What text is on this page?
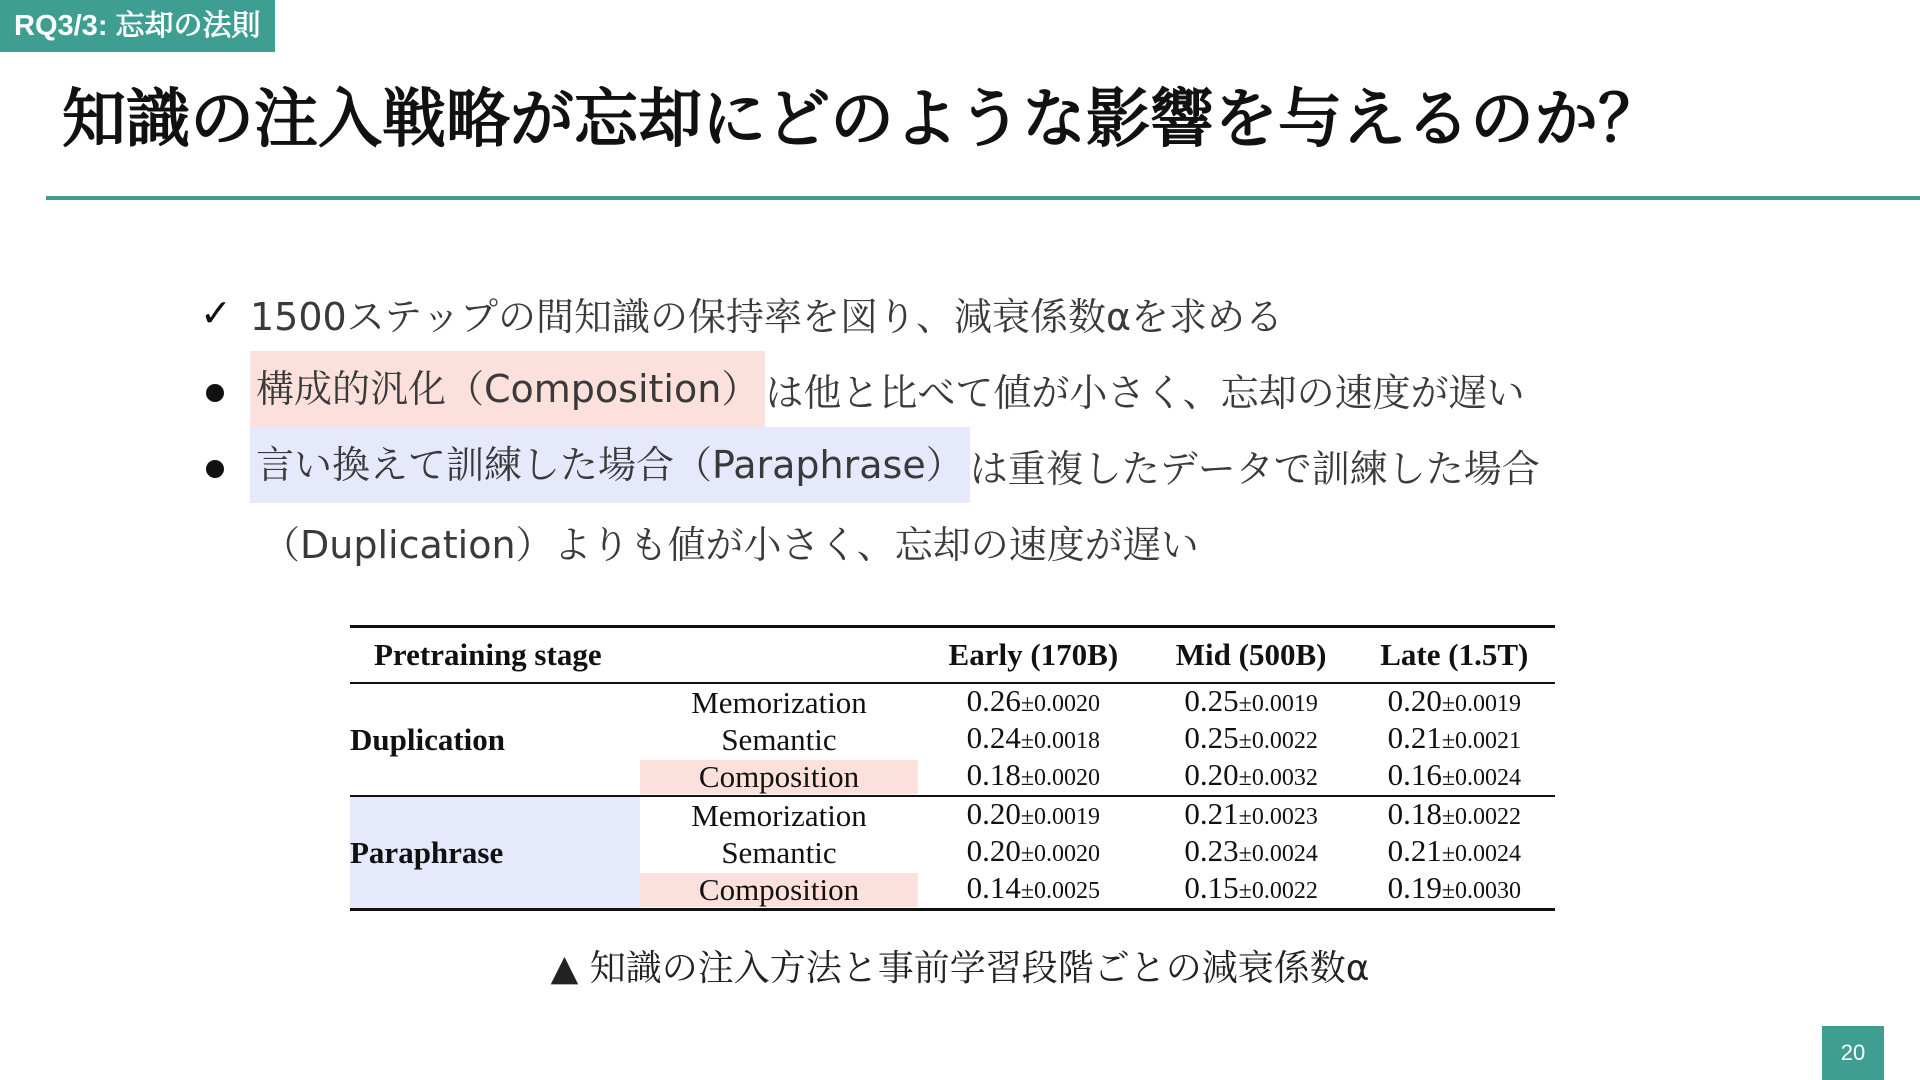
RQ3/3: 忘却の法則
知識の注入戦略が忘却にどのような影響を与えるのか？
✓ 1500ステップの間知識の保持率を図り、減衰係数αを求める
構成的汎化（Composition） は他と比べて値が小さく、忘却の速度が遅い
言い換えて訓練した場合（Paraphrase） は重複したデータで訓練した場合
（Duplication）よりも値が小さく、忘却の速度が遅い
Pretraining stage		Early (170B)	Mid (500B)	Late (1.5T)
Duplication	Memorization	0.26±0.0020	0.25±0.0019	0.20±0.0019
	Semantic	0.24±0.0018	0.25±0.0022	0.21±0.0021
	Composition	0.18±0.0020	0.20±0.0032	0.16±0.0024
Paraphrase	Memorization	0.20±0.0019	0.21±0.0023	0.18±0.0022
	Semantic	0.20±0.0020	0.23±0.0024	0.21±0.0024
	Composition	0.14±0.0025	0.15±0.0022	0.19±0.0030
▲ 知識の注入方法と事前学習段階ごとの減衰係数α
20
